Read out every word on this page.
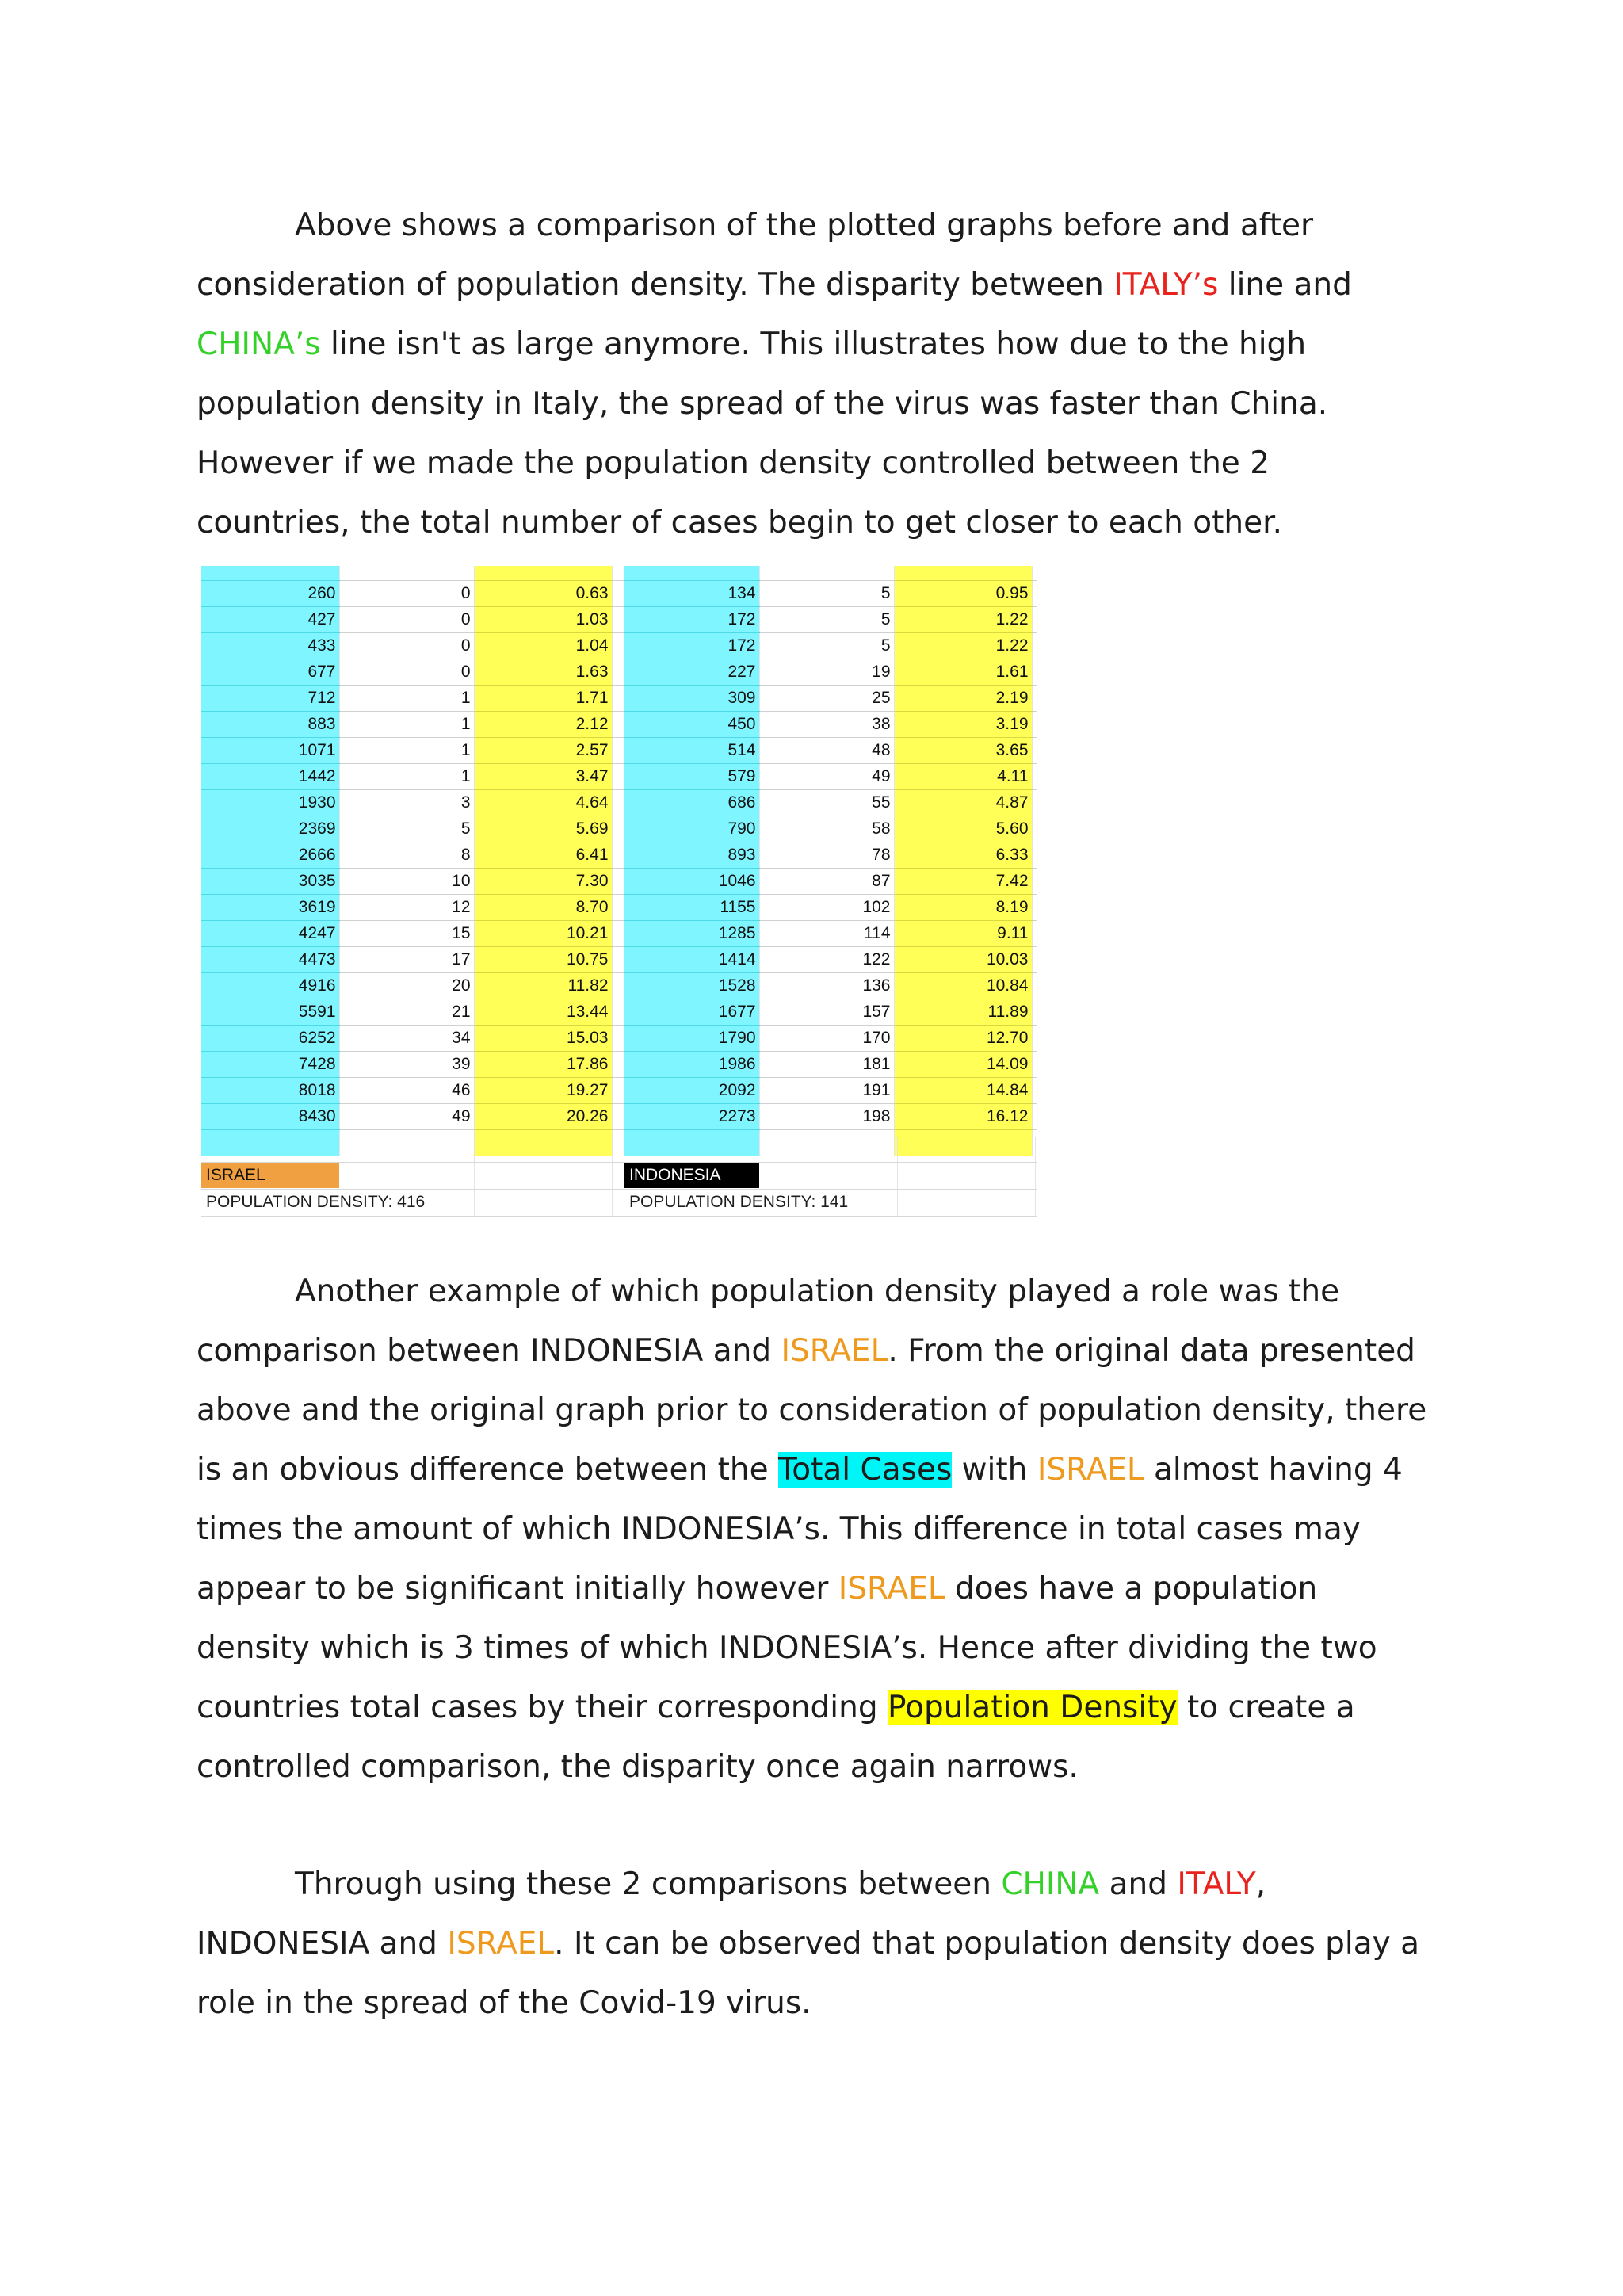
Above shows a comparison of the plotted graphs before and after consideration of population density. The disparity between ITALY’s line and CHINA’s line isn't as large anymore. This illustrates how due to the high population density in Italy, the spread of the virus was faster than China. However if we made the population density controlled between the 2 countries, the total number of cases begin to get closer to each other.

260	0	0.63	
427	0	1.03	
433	0	1.04	
677	0	1.63	
712	1	1.71	
883	1	2.12	
1071	1	2.57	
1442	1	3.47	
1930	3	4.64	
2369	5	5.69	
2666	8	6.41	
3035	10	7.30	
3619	12	8.70	
4247	15	10.21	
4473	17	10.75	
4916	20	11.82	
5591	21	13.44	
6252	34	15.03	
7428	39	17.86	
8018	46	19.27	
8430	49	20.26	

134	5	0.95	
172	5	1.22	
172	5	1.22	
227	19	1.61	
309	25	2.19	
450	38	3.19	
514	48	3.65	
579	49	4.11	
686	55	4.87	
790	58	5.60	
893	78	6.33	
1046	87	7.42	
1155	102	8.19	
1285	114	9.11	
1414	122	10.03	
1528	136	10.84	
1677	157	11.89	
1790	170	12.70	
1986	181	14.09	
2092	191	14.84	
2273	198	16.12	

ISRAEL
POPULATION DENSITY: 416
INDONESIA
POPULATION DENSITY: 141

Another example of which population density played a role was the comparison between INDONESIA and ISRAEL. From the original data presented above and the original graph prior to consideration of population density, there is an obvious difference between the Total Cases with ISRAEL almost having 4 times the amount of which INDONESIA’s. This difference in total cases may appear to be significant initially however ISRAEL does have a population density which is 3 times of which INDONESIA’s. Hence after dividing the two countries total cases by their corresponding Population Density to create a controlled comparison, the disparity once again narrows.

Through using these 2 comparisons between CHINA and ITALY, INDONESIA and ISRAEL. It can be observed that population density does play a role in the spread of the Covid-19 virus.
